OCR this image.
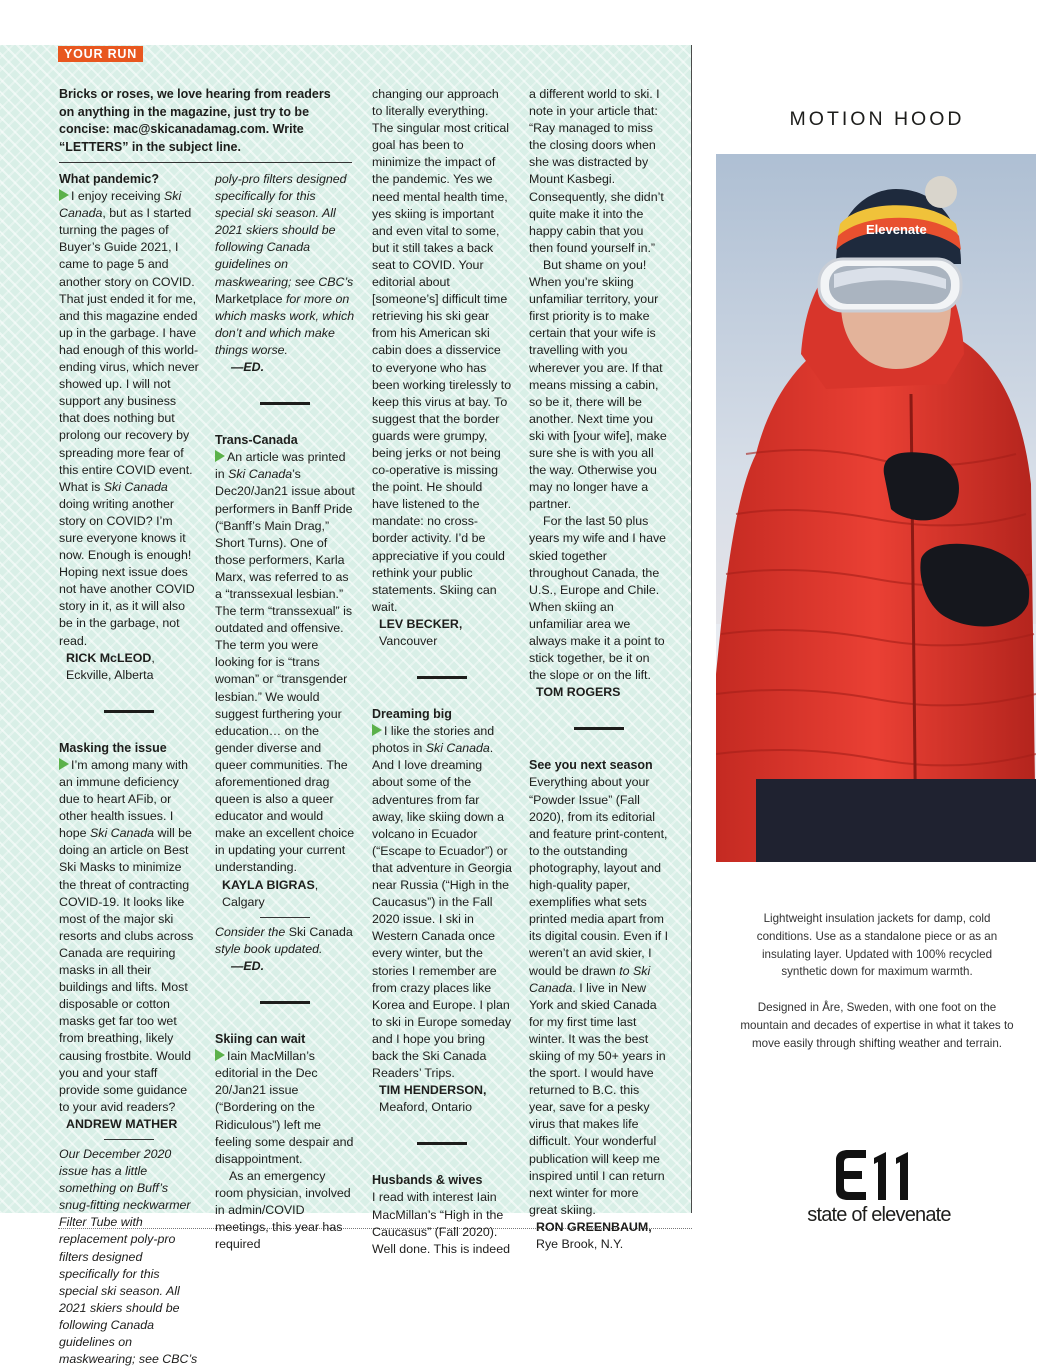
YOUR RUN
Bricks or roses, we love hearing from readers on anything in the magazine, just try to be concise: mac@skicanadamag.com. Write “LETTERS” in the subject line.
What pandemic?

I enjoy receiving Ski Canada, but as I started turning the pages of Buyer’s Guide 2021, I came to page 5 and another story on COVID. That just ended it for me, and this magazine ended up in the garbage. I have had enough of this world-ending virus, which never showed up. I will not support any business that does nothing but prolong our recovery by spreading more fear of this entire COVID event. What is Ski Canada doing writing another story on COVID? I’m sure everyone knows it now. Enough is enough! Hoping next issue does not have another COVID story in it, as it will also be in the garbage, not read.

RICK McLEOD,

Eckville, Alberta

Masking the issue

I’m among many with an immune deficiency due to heart AFib, or other health issues. I hope Ski Canada will be doing an article on Best Ski Masks to minimize the threat of contracting COVID-19. It looks like most of the major ski resorts and clubs across Canada are requiring masks in all their buildings and lifts. Most disposable or cotton masks get far too wet from breathing, likely causing frostbite. Would you and your staff provide some guidance to your avid readers?

ANDREW MATHER

Our December 2020 issue has a little something on Buff’s snug-fitting neckwarmer Filter Tube with replacement poly-pro filters designed specifically for this special ski season. All 2021 skiers should be following Canada guidelines on maskwearing; see CBC’s

poly-pro filters designed specifically for this special ski season. All 2021 skiers should be following Canada guidelines on maskwearing; see CBC’s Marketplace for more on which masks work, which don’t and which make things worse.

—ED.

Trans-Canada

An article was printed in Ski Canada’s Dec20/Jan21 issue about performers in Banff Pride (“Banff’s Main Drag,” Short Turns). One of those performers, Karla Marx, was referred to as a “transsexual lesbian.” The term “transsexual” is outdated and offensive. The term you were looking for is “trans woman” or “transgender lesbian.” We would suggest furthering your education… on the gender diverse and queer communities. The aforementioned drag queen is also a queer educator and would make an excellent choice in updating your current understanding.

KAYLA BIGRAS,

Calgary

Consider the Ski Canada style book updated.

—ED.

Skiing can wait

Iain MacMillan’s editorial in the Dec 20/Jan21 issue (“Bordering on the Ridiculous”) left me feeling some despair and disappointment.

As an emergency room physician, involved in admin/COVID meetings, this year has required

changing our approach to literally everything. The singular most critical goal has been to minimize the impact of the pandemic. Yes we need mental health time, yes skiing is important and even vital to some, but it still takes a back seat to COVID. Your editorial about [someone’s] difficult time retrieving his ski gear from his American ski cabin does a disservice to everyone who has been working tirelessly to keep this virus at bay. To suggest that the border guards were grumpy, being jerks or not being co-operative is missing the point. He should have listened to the mandate: no cross-border activity. I’d be appreciative if you could rethink your public statements. Skiing can wait.

LEV BECKER,

Vancouver

Dreaming big

I like the stories and photos in Ski Canada. And I love dreaming about some of the adventures from far away, like skiing down a volcano in Ecuador (“Escape to Ecuador”) or that adventure in Georgia near Russia (“High in the Caucasus”) in the Fall 2020 issue. I ski in Western Canada once every winter, but the stories I remember are from crazy places like Korea and Europe. I plan to ski in Europe someday and I hope you bring back the Ski Canada Readers’ Trips.

TIM HENDERSON,

Meaford, Ontario

Husbands & wives

I read with interest Iain MacMillan’s “High in the Caucasus” (Fall 2020). Well done. This is indeed

a different world to ski. I note in your article that: “Ray managed to miss the closing doors when she was distracted by Mount Kasbegi. Consequently, she didn’t quite make it into the happy cabin that you then found yourself in.”

But shame on you! When you’re skiing unfamiliar territory, your first priority is to make certain that your wife is travelling with you wherever you are. If that means missing a cabin, so be it, there will be another. Next time you ski with [your wife], make sure she is with you all the way. Otherwise you may no longer have a partner.

For the last 50 plus years my wife and I have skied together throughout Canada, the U.S., Europe and Chile. When skiing an unfamiliar area we always make it a point to stick together, be it on the slope or on the lift.

TOM ROGERS

See you next season

Everything about your “Powder Issue” (Fall 2020), from its editorial and feature print-content, to the outstanding photography, layout and high-quality paper, exemplifies what sets printed media apart from its digital cousin. Even if I weren’t an avid skier, I would be drawn to Ski Canada. I live in New York and skied Canada for my first time last winter. It was the best skiing of my 50+ years in the sport. I would have returned to B.C. this year, save for a pesky virus that makes life difficult. Your wonderful publication will keep me inspired until I can return next winter for more great skiing.

RON GREENBAUM,

Rye Brook, N.Y.

MOTION HOOD
Elevenate

Lightweight insulation jackets for damp, cold conditions. Use as a standalone piece or as an insulating layer. Updated with 100% recycled synthetic down for maximum warmth.

Designed in Åre, Sweden, with one foot on the mountain and decades of expertise in what it takes to move easily through shifting weather and terrain.

state of elevenate
